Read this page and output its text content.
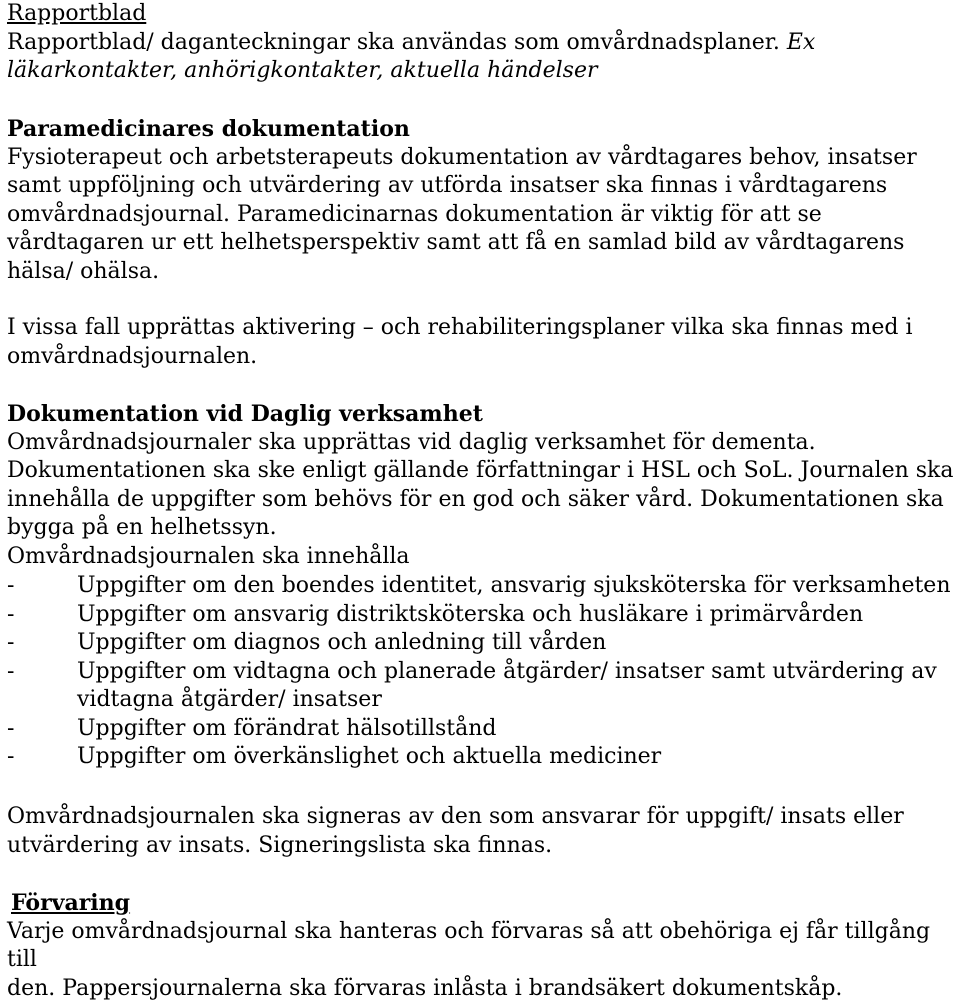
Rapportblad

Rapportblad/ daganteckningar ska användas som omvårdnadsplaner. Ex

läkarkontakter, anhörigkontakter, aktuella händelser

Paramedicinares dokumentation

Fysioterapeut och arbetsterapeuts dokumentation av vårdtagares behov, insatser
samt uppföljning och utvärdering av utförda insatser ska finnas i vårdtagarens
omvårdnadsjournal. Paramedicinarnas dokumentation är viktig för att se
vårdtagaren ur ett helhetsperspektiv samt att få en samlad bild av vårdtagarens
hälsa/ ohälsa.

I vissa fall upprättas aktivering – och rehabiliteringsplaner vilka ska finnas med i
omvårdnadsjournalen.

Dokumentation vid Daglig verksamhet

Omvårdnadsjournaler ska upprättas vid daglig verksamhet för dementa.
Dokumentationen ska ske enligt gällande författningar i HSL och SoL. Journalen ska
innehålla de uppgifter som behövs för en god och säker vård. Dokumentationen ska
bygga på en helhetssyn.

Omvårdnadsjournalen ska innehålla

-	Uppgifter om den boendes identitet, ansvarig sjuksköterska för verksamheten
-	Uppgifter om ansvarig distriktsköterska och husläkare i primärvården
-	Uppgifter om diagnos och anledning till vården
-	Uppgifter om vidtagna och planerade åtgärder/ insatser samt utvärdering av
vidtagna åtgärder/ insatser
-	Uppgifter om förändrat hälsotillstånd
-	Uppgifter om överkänslighet och aktuella mediciner
Omvårdnadsjournalen ska signeras av den som ansvarar för uppgift/ insats eller
utvärdering av insats. Signeringslista ska finnas.

Förvaring

Varje omvårdnadsjournal ska hanteras och förvaras så att obehöriga ej får tillgång till
den. Pappersjournalerna ska förvaras inlåsta i brandsäkert dokumentskåp.
